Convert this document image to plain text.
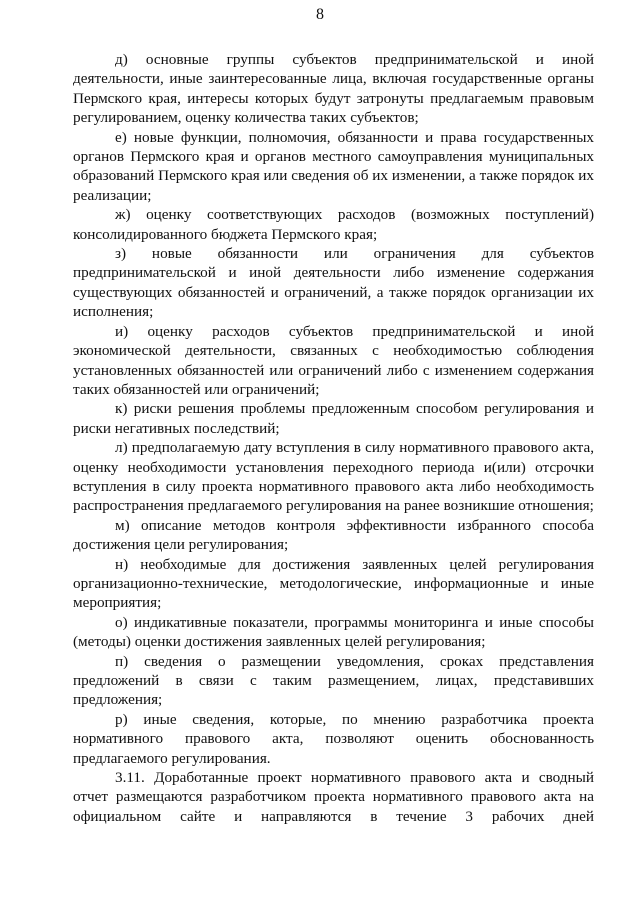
8

д) основные группы субъектов предпринимательской и иной деятельности, иные заинтересованные лица, включая государственные органы Пермского края, интересы которых будут затронуты предлагаемым правовым регулированием, оценку количества таких субъектов;

е) новые функции, полномочия, обязанности и права государственных органов Пермского края и органов местного самоуправления муниципальных образований Пермского края или сведения об их изменении, а также порядок их реализации;

ж) оценку соответствующих расходов (возможных поступлений) консолидированного бюджета Пермского края;

з) новые обязанности или ограничения для субъектов предпринимательской и иной деятельности либо изменение содержания существующих обязанностей и ограничений, а также порядок организации их исполнения;

и) оценку расходов субъектов предпринимательской и иной экономической деятельности, связанных с необходимостью соблюдения установленных обязанностей или ограничений либо с изменением содержания таких обязанностей или ограничений;

к) риски решения проблемы предложенным способом регулирования и риски негативных последствий;

л) предполагаемую дату вступления в силу нормативного правового акта, оценку необходимости установления переходного периода и(или) отсрочки вступления в силу проекта нормативного правового акта либо необходимость распространения предлагаемого регулирования на ранее возникшие отношения;

м) описание методов контроля эффективности избранного способа достижения цели регулирования;

н) необходимые для достижения заявленных целей регулирования организационно-технические, методологические, информационные и иные мероприятия;

о) индикативные показатели, программы мониторинга и иные способы (методы) оценки достижения заявленных целей регулирования;

п) сведения о размещении уведомления, сроках представления предложений в связи с таким размещением, лицах, представивших предложения;

р) иные сведения, которые, по мнению разработчика проекта нормативного правового акта, позволяют оценить обоснованность предлагаемого регулирования.

3.11. Доработанные проект нормативного правового акта и сводный отчет размещаются разработчиком проекта нормативного правового акта на официальном сайте и направляются в течение 3 рабочих дней
